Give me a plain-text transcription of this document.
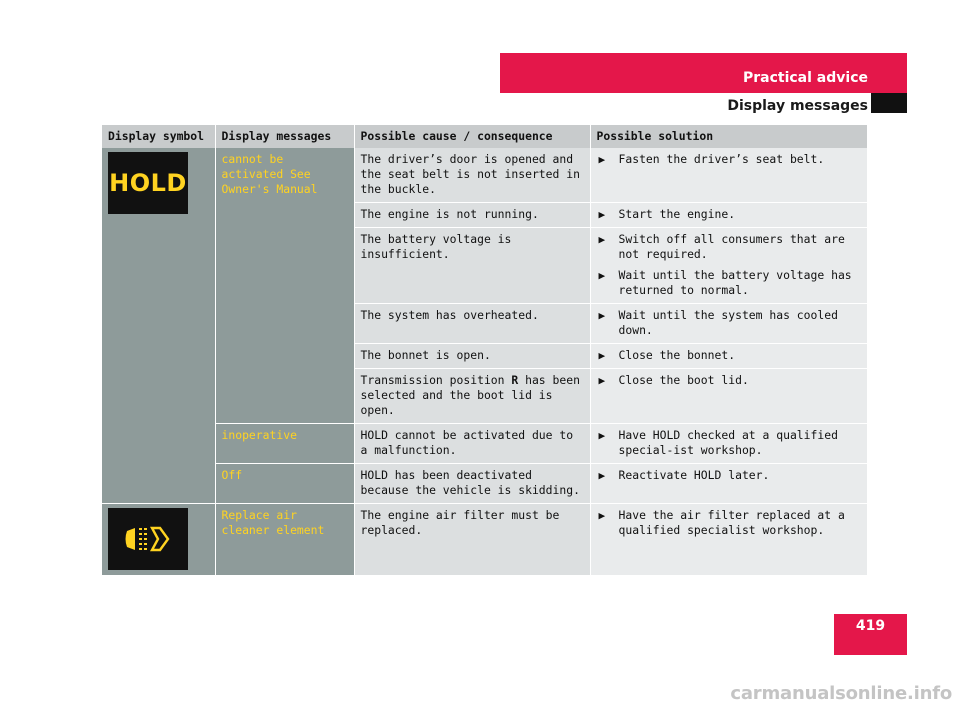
Practical advice

Display messages

Display symbol	Display messages	Possible cause / consequence	Possible solution

HOLD	cannot be activated See Owner's Manual	The driver’s door is opened and the seat belt is not inserted in the buckle.	▶ Fasten the driver’s seat belt.

		The engine is not running.	▶ Start the engine.

		The battery voltage is insufficient.	▶ Switch off all consumers that are not required.
▶ Wait until the battery voltage has returned to normal.

		The system has overheated.	▶ Wait until the system has cooled down.

		The bonnet is open.	▶ Close the bonnet.

		Transmission position R has been selected and the boot lid is open.	▶ Close the boot lid.

	inoperative	HOLD cannot be activated due to a malfunction.	▶ Have HOLD checked at a qualified special-ist workshop.

	Off	HOLD has been deactivated because the vehicle is skidding.	▶ Reactivate HOLD later.

	Replace air cleaner element	The engine air filter must be replaced.	▶ Have the air filter replaced at a qualified specialist workshop.

419

carmanualsonline.info
